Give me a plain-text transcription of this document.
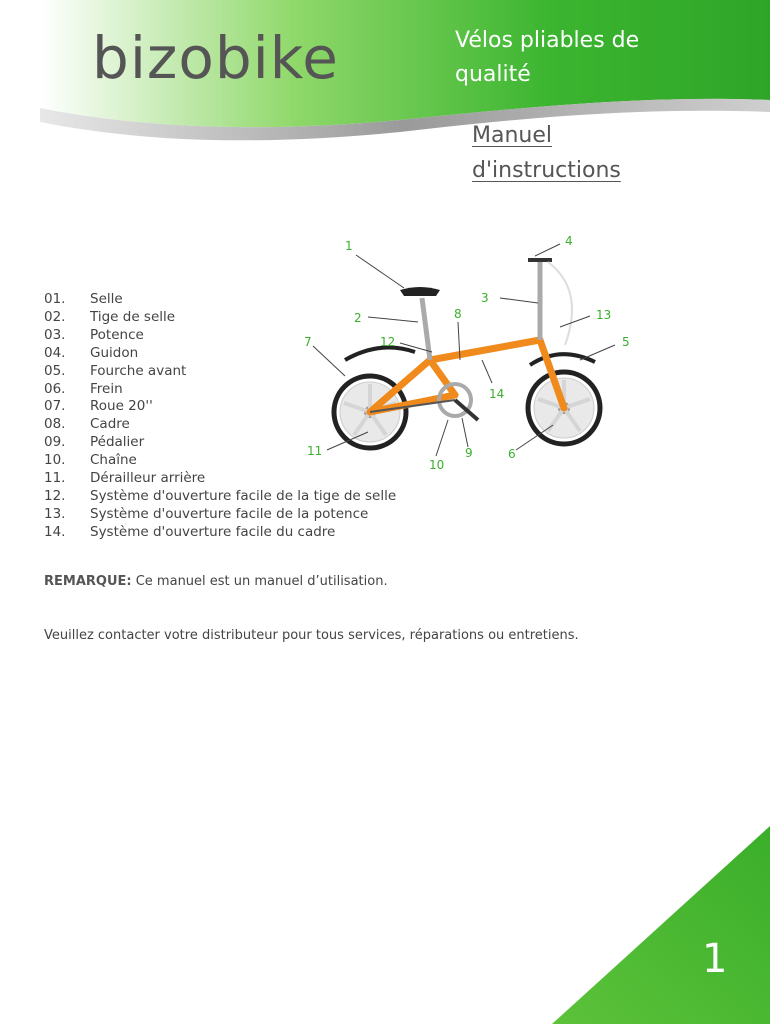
bizobike	Vélos pliables de
qualité
Manuel
d'instructions
01.	Selle
02.	Tige de selle
03.	Potence
04.	Guidon
05.	Fourche avant
06.	Frein
07.	Roue 20''
08.	Cadre
09.	Pédalier
10.	Chaîne
11.	Dérailleur arrière
12.	Système d'ouverture facile de la tige de selle
13.	Système d'ouverture facile de la potence
14.	Système d'ouverture facile du cadre
1
2
3
4
5
6
7
8
9
10
11
12
13
14
REMARQUE: Ce manuel est un manuel d’utilisation.
Veuillez contacter votre distributeur pour tous services, réparations ou entretiens.
1
